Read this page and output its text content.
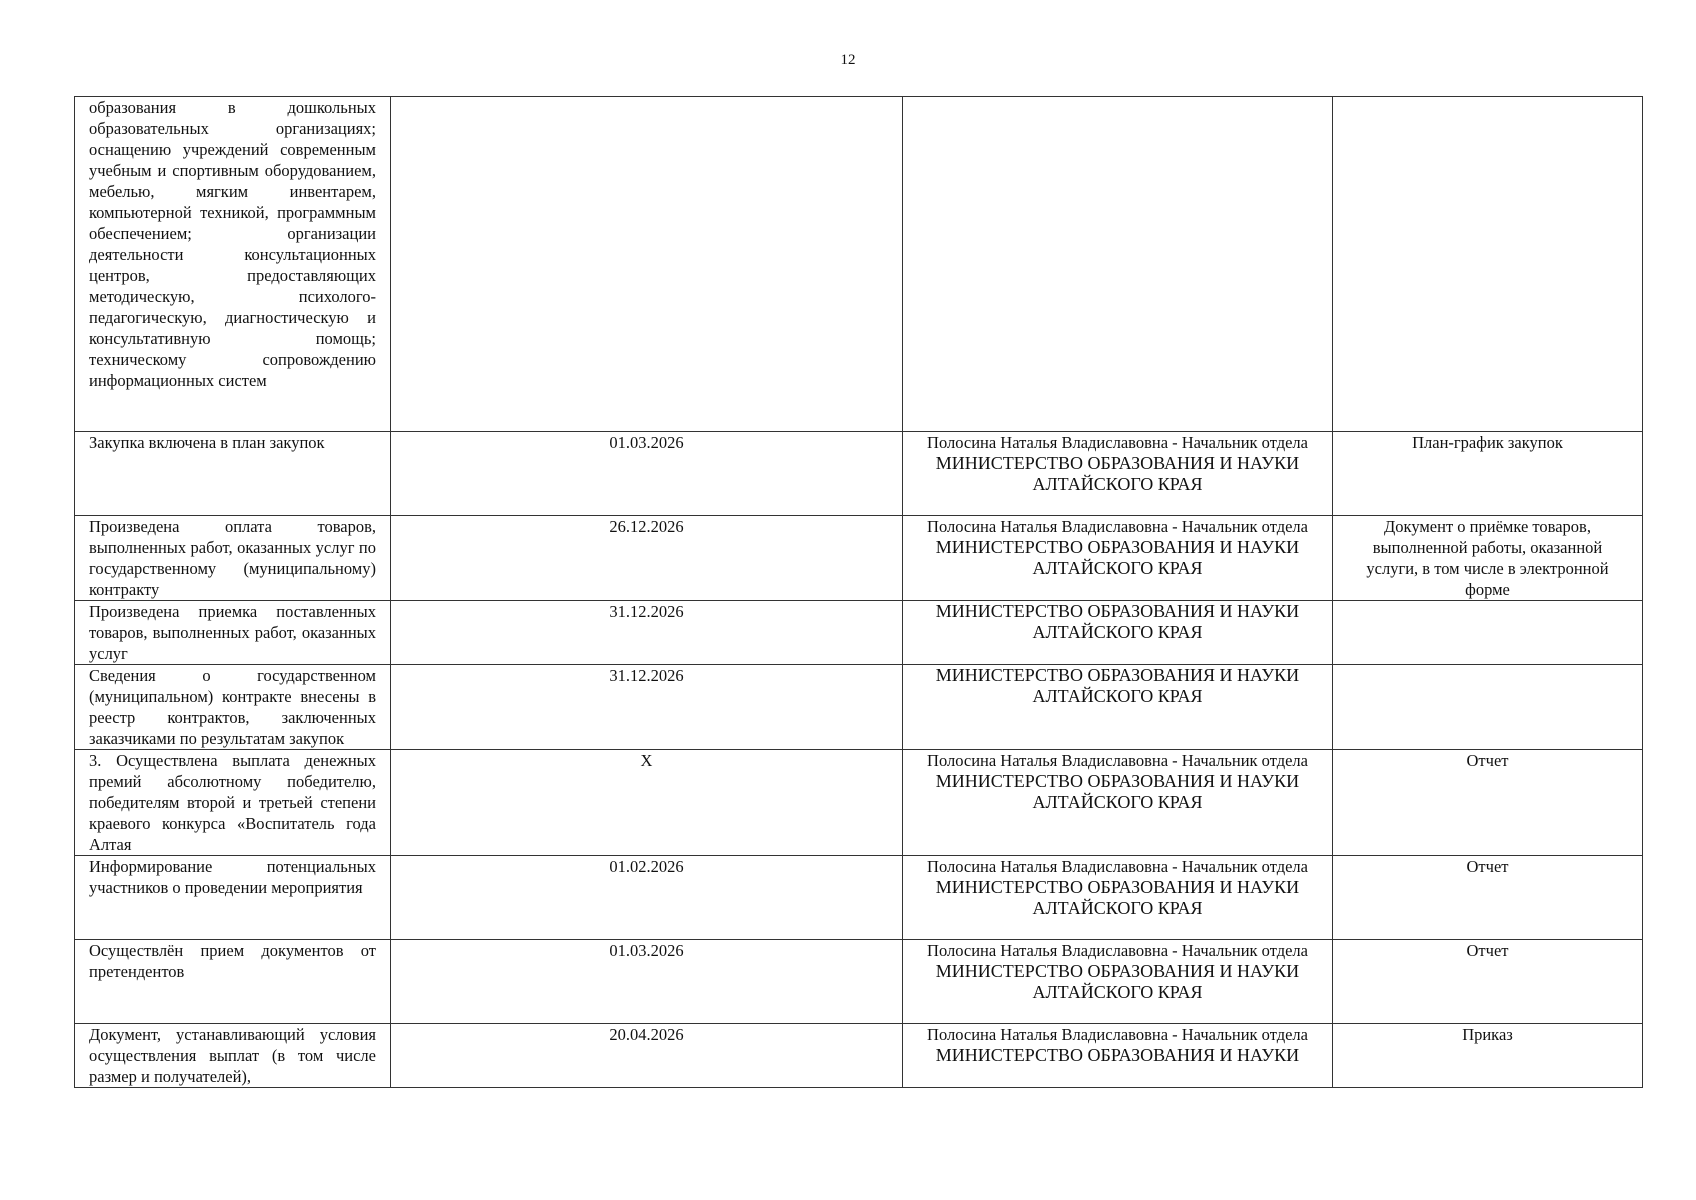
12
образования в дошкольных образовательных организациях; оснащению учреждений современным учебным и спортивным оборудованием, мебелью, мягким инвентарем, компьютерной техникой, программным обеспечением; организации деятельности консультационных центров, предоставляющих методическую, психолого-педагогическую, диагностическую и консультативную помощь; техническому сопровождению информационных систем			

Закупка включена в план закупок	01.03.2026	Полосина Наталья Владиславовна - Начальник отдела
МИНИСТЕРСТВО ОБРАЗОВАНИЯ И НАУКИ АЛТАЙСКОГО КРАЯ	План-график закупок

Произведена оплата товаров, выполненных работ, оказанных услуг по государственному (муниципальному) контракту	26.12.2026	Полосина Наталья Владиславовна - Начальник отдела
МИНИСТЕРСТВО ОБРАЗОВАНИЯ И НАУКИ АЛТАЙСКОГО КРАЯ	Документ о приёмке товаров, выполненной работы, оказанной услуги, в том числе в электронной форме

Произведена приемка поставленных товаров, выполненных работ, оказанных услуг	31.12.2026	МИНИСТЕРСТВО ОБРАЗОВАНИЯ И НАУКИ АЛТАЙСКОГО КРАЯ	

Сведения о государственном (муниципальном) контракте внесены в реестр контрактов, заключенных заказчиками по результатам закупок	31.12.2026	МИНИСТЕРСТВО ОБРАЗОВАНИЯ И НАУКИ АЛТАЙСКОГО КРАЯ	

3. Осуществлена выплата денежных премий абсолютному победителю, победителям второй и третьей степени краевого конкурса «Воспитатель года Алтая	X	Полосина Наталья Владиславовна - Начальник отдела
МИНИСТЕРСТВО ОБРАЗОВАНИЯ И НАУКИ АЛТАЙСКОГО КРАЯ	Отчет

Информирование потенциальных участников о проведении мероприятия	01.02.2026	Полосина Наталья Владиславовна - Начальник отдела
МИНИСТЕРСТВО ОБРАЗОВАНИЯ И НАУКИ АЛТАЙСКОГО КРАЯ	Отчет

Осуществлён прием документов от претендентов	01.03.2026	Полосина Наталья Владиславовна - Начальник отдела
МИНИСТЕРСТВО ОБРАЗОВАНИЯ И НАУКИ АЛТАЙСКОГО КРАЯ	Отчет

Документ, устанавливающий условия осуществления выплат (в том числе размер и получателей),	20.04.2026	Полосина Наталья Владиславовна - Начальник отдела
МИНИСТЕРСТВО ОБРАЗОВАНИЯ И НАУКИ	Приказ
